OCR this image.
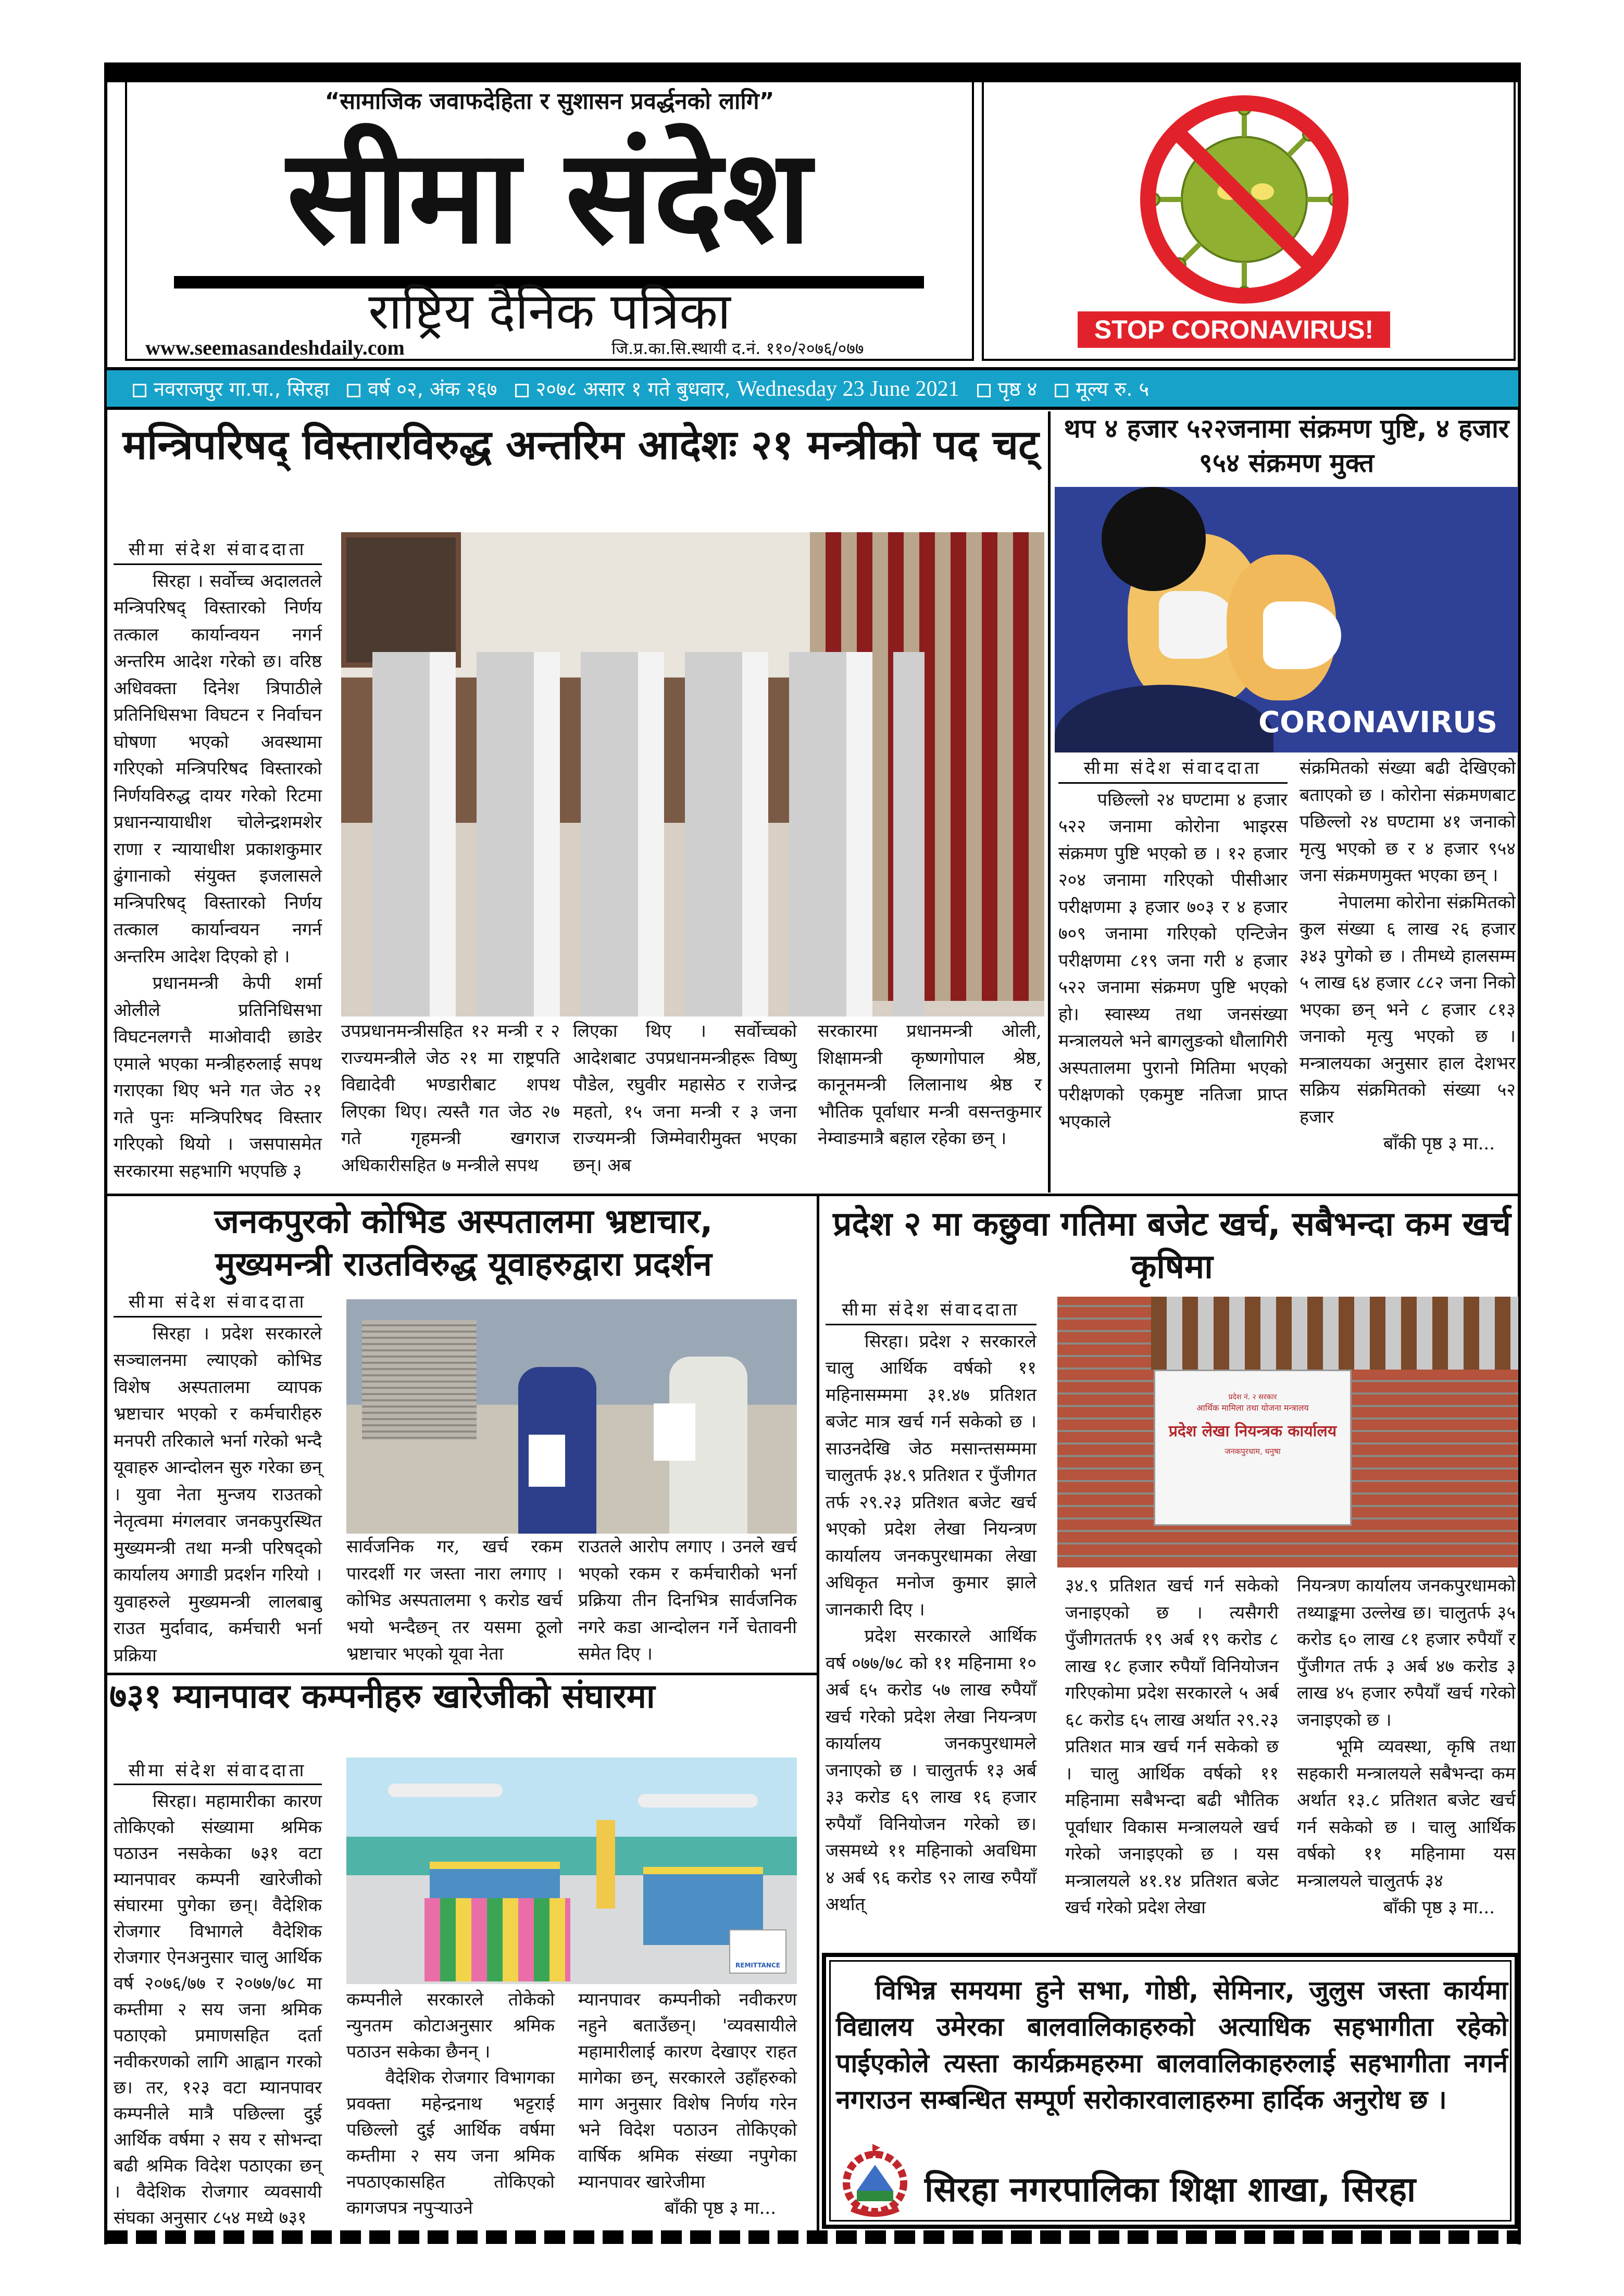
“सामाजिक जवाफदेहिता र सुशासन प्रवर्द्धनको लागि”
सीमा संदेश
राष्ट्रिय दैनिक पत्रिका
www.seemasandeshdaily.com	जि.प्र.का.सि.स्थायी द.नं. ११०/२०७६/०७७
STOP CORONAVIRUS!
नवराजपुर गा.पा., सिरहा	वर्ष ०२, अंक २६७	२०७८ असार १ गते बुधवार, Wednesday 23 June 2021	पृष्ठ ४	मूल्य रु. ५
मन्त्रिपरिषद् विस्तारविरुद्ध अन्तरिम आदेशः २१ मन्त्रीको पद चट्
सीमा संदेश संवाददाता

सिरहा । सर्वोच्च अदालतले मन्त्रिपरिषद् विस्तारको निर्णय तत्काल कार्यान्वयन नगर्न अन्तरिम आदेश गरेको छ। वरिष्ठ अधिवक्ता दिनेश त्रिपाठीले प्रतिनिधिसभा विघटन र निर्वाचन घोषणा भएको अवस्थामा गरिएको मन्त्रिपरिषद विस्तारको निर्णयविरुद्ध दायर गरेको रिटमा प्रधानन्यायाधीश चोलेन्द्रशमशेर राणा र न्यायाधीश प्रकाशकुमार ढुंगानाको संयुक्त इजलासले मन्त्रिपरिषद् विस्तारको निर्णय तत्काल कार्यान्वयन नगर्न अन्तरिम आदेश दिएको हो ।

प्रधानमन्त्री केपी शर्मा ओलीले प्रतिनिधिसभा विघटनलगत्तै माओवादी छाडेर एमाले भएका मन्त्रीहरुलाई सपथ गराएका थिए भने गत जेठ २१ गते पुनः मन्त्रिपरिषद विस्तार गरिएको थियो । जसपासमेत सरकारमा सहभागि भएपछि ३

उपप्रधानमन्त्रीसहित १२ मन्त्री र २ राज्यमन्त्रीले जेठ २१ मा राष्ट्रपति विद्यादेवी भण्डारीबाट शपथ लिएका थिए। त्यस्तै गत जेठ २७ गते गृहमन्त्री खगराज अधिकारीसहित ७ मन्त्रीले सपथ

लिएका थिए । सर्वोच्चको आदेशबाट उपप्रधानमन्त्रीहरू विष्णु पौडेल, रघुवीर महासेठ र राजेन्द्र महतो, १५ जना मन्त्री र ३ जना राज्यमन्त्री जिम्मेवारीमुक्त भएका छन्। अब

सरकारमा प्रधानमन्त्री ओली, शिक्षामन्त्री कृष्णगोपाल श्रेष्ठ, कानूनमन्त्री लिलानाथ श्रेष्ठ र भौतिक पूर्वाधार मन्त्री वसन्तकुमार नेम्वाङमात्रै बहाल रहेका छन् ।

थप ४ हजार ५२२जनामा संक्रमण पुष्टि, ४ हजार ९५४ संक्रमण मुक्त
CORONAVIRUS
सीमा संदेश संवाददाता

पछिल्लो २४ घण्टामा ४ हजार ५२२ जनामा कोरोना भाइरस संक्रमण पुष्टि भएको छ । १२ हजार २०४ जनामा गरिएको पीसीआर परीक्षणमा ३ हजार ७०३ र ४ हजार ७०९ जनामा गरिएको एन्टिजेन परीक्षणमा ८१९ जना गरी ४ हजार ५२२ जनामा संक्रमण पुष्टि भएको हो। स्वास्थ्य तथा जनसंख्या मन्त्रालयले भने बागलुङको धौलागिरी अस्पतालमा पुरानो मितिमा भएको परीक्षणको एकमुष्ट नतिजा प्राप्त भएकाले

संक्रमितको संख्या बढी देखिएको बताएको छ । कोरोना संक्रमणबाट पछिल्लो २४ घण्टामा ४१ जनाको मृत्यु भएको छ र ४ हजार ९५४ जना संक्रमणमुक्त भएका छन् ।

नेपालमा कोरोना संक्रमितको कुल संख्या ६ लाख २६ हजार ३४३ पुगेको छ । तीमध्ये हालसम्म ५ लाख ६४ हजार ८८२ जना निको भएका छन् भने ८ हजार ८१३ जनाको मृत्यु भएको छ । मन्त्रालयका अनुसार हाल देशभर सक्रिय संक्रमितको संख्या ५२ हजार

बाँकी पृष्ठ ३ मा...
जनकपुरको कोभिड अस्पतालमा भ्रष्टाचार,
मुख्यमन्त्री राउतविरुद्ध यूवाहरुद्वारा प्रदर्शन
सीमा संदेश संवाददाता

सिरहा । प्रदेश सरकारले सञ्चालनमा ल्याएको कोभिड विशेष अस्पतालमा व्यापक भ्रष्टाचार भएको र कर्मचारीहरु मनपरी तरिकाले भर्ना गरेको भन्दै यूवाहरु आन्दोलन सुरु गरेका छन् । युवा नेता मुन्जय राउतको नेतृत्वमा मंगलवार जनकपुरस्थित मुख्यमन्त्री तथा मन्त्री परिषद्को कार्यालय अगाडी प्रदर्शन गरियो । युवाहरुले मुख्यमन्त्री लालबाबु राउत मुर्दावाद, कर्मचारी भर्ना प्रक्रिया

सार्वजनिक गर, खर्च रकम पारदर्शी गर जस्ता नारा लगाए । कोभिड अस्पतालमा ९ करोड खर्च भयो भन्दैछन् तर यसमा ठूलो भ्रष्टाचार भएको यूवा नेता

राउतले आरोप लगाए । उनले खर्च भएको रकम र कर्मचारीको भर्ना प्रक्रिया तीन दिनभित्र सार्वजनिक नगरे कडा आन्दोलन गर्ने चेतावनी समेत दिए ।

प्रदेश २ मा कछुवा गतिमा बजेट खर्च, सबैभन्दा कम खर्च कृषिमा
सीमा संदेश संवाददाता

सिरहा। प्रदेश २ सरकारले चालु आर्थिक वर्षको ११ महिनासम्ममा ३१.४७ प्रतिशत बजेट मात्र खर्च गर्न सकेको छ । साउनदेखि जेठ मसान्तसम्ममा चालुतर्फ ३४.९ प्रतिशत र पुँजीगत तर्फ २९.२३ प्रतिशत बजेट खर्च भएको प्रदेश लेखा नियन्त्रण कार्यालय जनकपुरधामका लेखा अधिकृत मनोज कुमार झाले जानकारी दिए ।

प्रदेश सरकारले आर्थिक वर्ष ०७७/७८ को ११ महिनामा १० अर्ब ६५ करोड ५७ लाख रुपैयाँ खर्च गरेको प्रदेश लेखा नियन्त्रण कार्यालय जनकपुरधामले जनाएको छ । चालुतर्फ १३ अर्ब ३३ करोड ६९ लाख १६ हजार रुपैयाँ विनियोजन गरेको छ। जसमध्ये ११ महिनाको अवधिमा ४ अर्ब ९६ करोड ९२ लाख रुपैयाँ अर्थात्

प्रदेश नं. २ सरकार
आर्थिक मामिला तथा योजना मन्त्रालय
प्रदेश लेखा नियन्त्रक कार्यालय
जनकपुरधाम, धनुषा

३४.९ प्रतिशत खर्च गर्न सकेको जनाइएको छ । त्यसैगरी पुँजीगततर्फ १९ अर्ब १९ करोड ८ लाख १८ हजार रुपैयाँ विनियोजन गरिएकोमा प्रदेश सरकारले ५ अर्ब ६८ करोड ६५ लाख अर्थात २९.२३ प्रतिशत मात्र खर्च गर्न सकेको छ । चालु आर्थिक वर्षको ११ महिनामा सबैभन्दा बढी भौतिक पूर्वाधार विकास मन्त्रालयले खर्च गरेको जनाइएको छ । यस मन्त्रालयले ४१.१४ प्रतिशत बजेट खर्च गरेको प्रदेश लेखा

नियन्त्रण कार्यालय जनकपुरधामको तथ्याङ्कमा उल्लेख छ। चालुतर्फ ३५ करोड ६० लाख ८१ हजार रुपैयाँ र पुँजीगत तर्फ ३ अर्ब ४७ करोड ३ लाख ४५ हजार रुपैयाँ खर्च गरेको जनाइएको छ ।

भूमि व्यवस्था, कृषि तथा सहकारी मन्त्रालयले सबैभन्दा कम अर्थात १३.८ प्रतिशत बजेट खर्च गर्न सकेको छ । चालु आर्थिक वर्षको ११ महिनामा यस मन्त्रालयले चालुतर्फ ३४

बाँकी पृष्ठ ३ मा...
७३१ म्यानपावर कम्पनीहरु खारेजीको संघारमा
सीमा संदेश संवाददाता

सिरहा। महामारीका कारण तोकिएको संख्यामा श्रमिक पठाउन नसकेका ७३१ वटा म्यानपावर कम्पनी खारेजीको संघारमा पुगेका छन्। वैदेशिक रोजगार विभागले वैदेशिक रोजगार ऐनअनुसार चालु आर्थिक वर्ष २०७६/७७ र २०७७/७८ मा कम्तीमा २ सय जना श्रमिक पठाएको प्रमाणसहित दर्ता नवीकरणको लागि आह्वान गरको छ। तर, १२३ वटा म्यानपावर कम्पनीले मात्रै पछिल्ला दुई आर्थिक वर्षमा २ सय र सोभन्दा बढी श्रमिक विदेश पठाएका छन् । वैदेशिक रोजगार व्यवसायी संघका अनुसार ८५४ मध्ये ७३१

REMITTANCE

कम्पनीले सरकारले तोकेको न्युनतम कोटाअनुसार श्रमिक पठाउन सकेका छैनन् ।

वैदेशिक रोजगार विभागका प्रवक्ता महेन्द्रनाथ भट्टराई पछिल्लो दुई आर्थिक वर्षमा कम्तीमा २ सय जना श्रमिक नपठाएकासहित तोकिएको कागजपत्र नपुऱ्याउने

म्यानपावर कम्पनीको नवीकरण नहुने बताउँछन्। 'व्यवसायीले महामारीलाई कारण देखाएर राहत मागेका छन्, सरकारले उहाँहरुको माग अनुसार विशेष निर्णय गरेन भने विदेश पठाउन तोकिएको वार्षिक श्रमिक संख्या नपुगेका म्यानपावर खारेजीमा

बाँकी पृष्ठ ३ मा...
विभिन्न समयमा हुने सभा, गोष्ठी, सेमिनार, जुलुस जस्ता कार्यमा विद्यालय उमेरका बालवालिकाहरुको अत्याधिक सहभागीता रहेको पाईएकोले त्यस्ता कार्यक्रमहरुमा बालवालिकाहरुलाई सहभागीता नगर्न नगराउन सम्बन्धित सम्पूर्ण सरोकारवालाहरुमा हार्दिक अनुरोध छ ।
सिरहा नगरपालिका शिक्षा शाखा, सिरहा
